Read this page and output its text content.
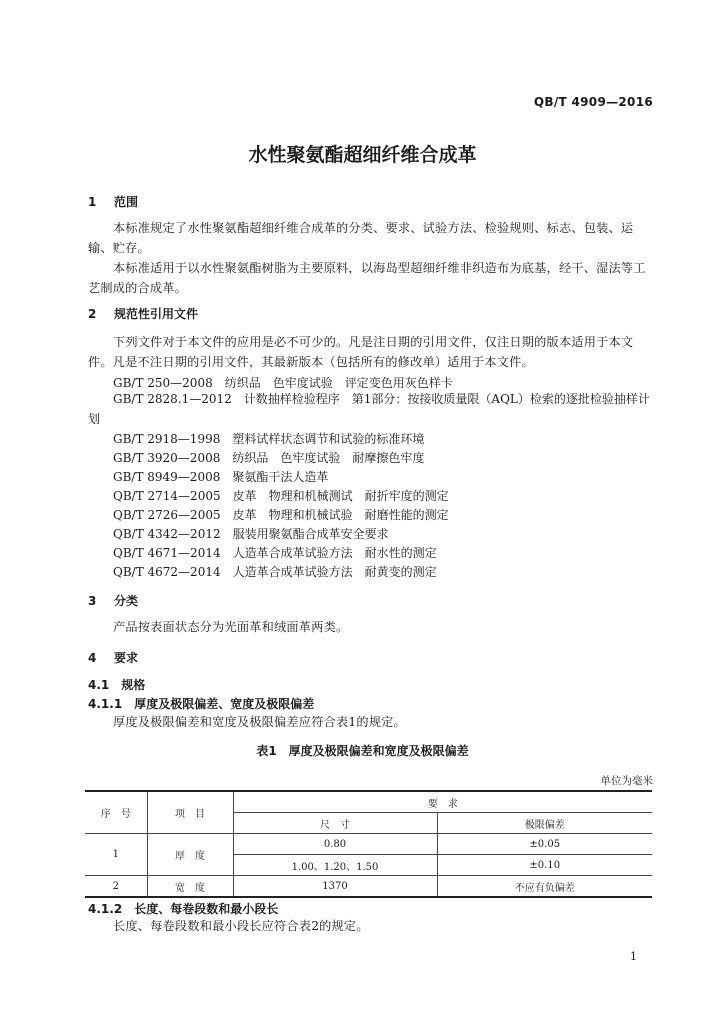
QB/T 4909—2016
水性聚氨酯超细纤维合成革
1 范围
本标准规定了水性聚氨酯超细纤维合成革的分类、要求、试验方法、检验规则、标志、包装、运输、贮存。
本标准适用于以水性聚氨酯树脂为主要原料，以海岛型超细纤维非织造布为底基，经干、湿法等工艺制成的合成革。
2 规范性引用文件
下列文件对于本文件的应用是必不可少的。凡是注日期的引用文件，仅注日期的版本适用于本文件。凡是不注日期的引用文件，其最新版本（包括所有的修改单）适用于本文件。
GB/T 250—2008　纺织品　色牢度试验　评定变色用灰色样卡
GB/T 2828.1—2012　计数抽样检验程序　第1部分：按接收质量限（AQL）检索的逐批检验抽样计划
GB/T 2918—1998　塑料试样状态调节和试验的标准环境
GB/T 3920—2008　纺织品　色牢度试验　耐摩擦色牢度
GB/T 8949—2008　聚氨酯干法人造革
QB/T 2714—2005　皮革　物理和机械测试　耐折牢度的测定
QB/T 2726—2005　皮革　物理和机械试验　耐磨性能的测定
QB/T 4342—2012　服装用聚氨酯合成革安全要求
QB/T 4671—2014　人造革合成革试验方法　耐水性的测定
QB/T 4672—2014　人造革合成革试验方法　耐黄变的测定
3 分类
产品按表面状态分为光面革和绒面革两类。
4 要求
4.1　 规格
4.1.1　 厚度及极限偏差、宽度及极限偏差
厚度及极限偏差和宽度及极限偏差应符合表1的规定。
表1　厚度及极限偏差和宽度及极限偏差
单位为毫米
序　号	项　目	要　求	
		尺　寸	极限偏差
1	厚　度	0.80	±0.05
		1.00、1.20、1.50	±0.10
2	宽　度	1370	不应有负偏差
4.1.2　 长度、每卷段数和最小段长
长度、每卷段数和最小段长应符合表2的规定。
1
